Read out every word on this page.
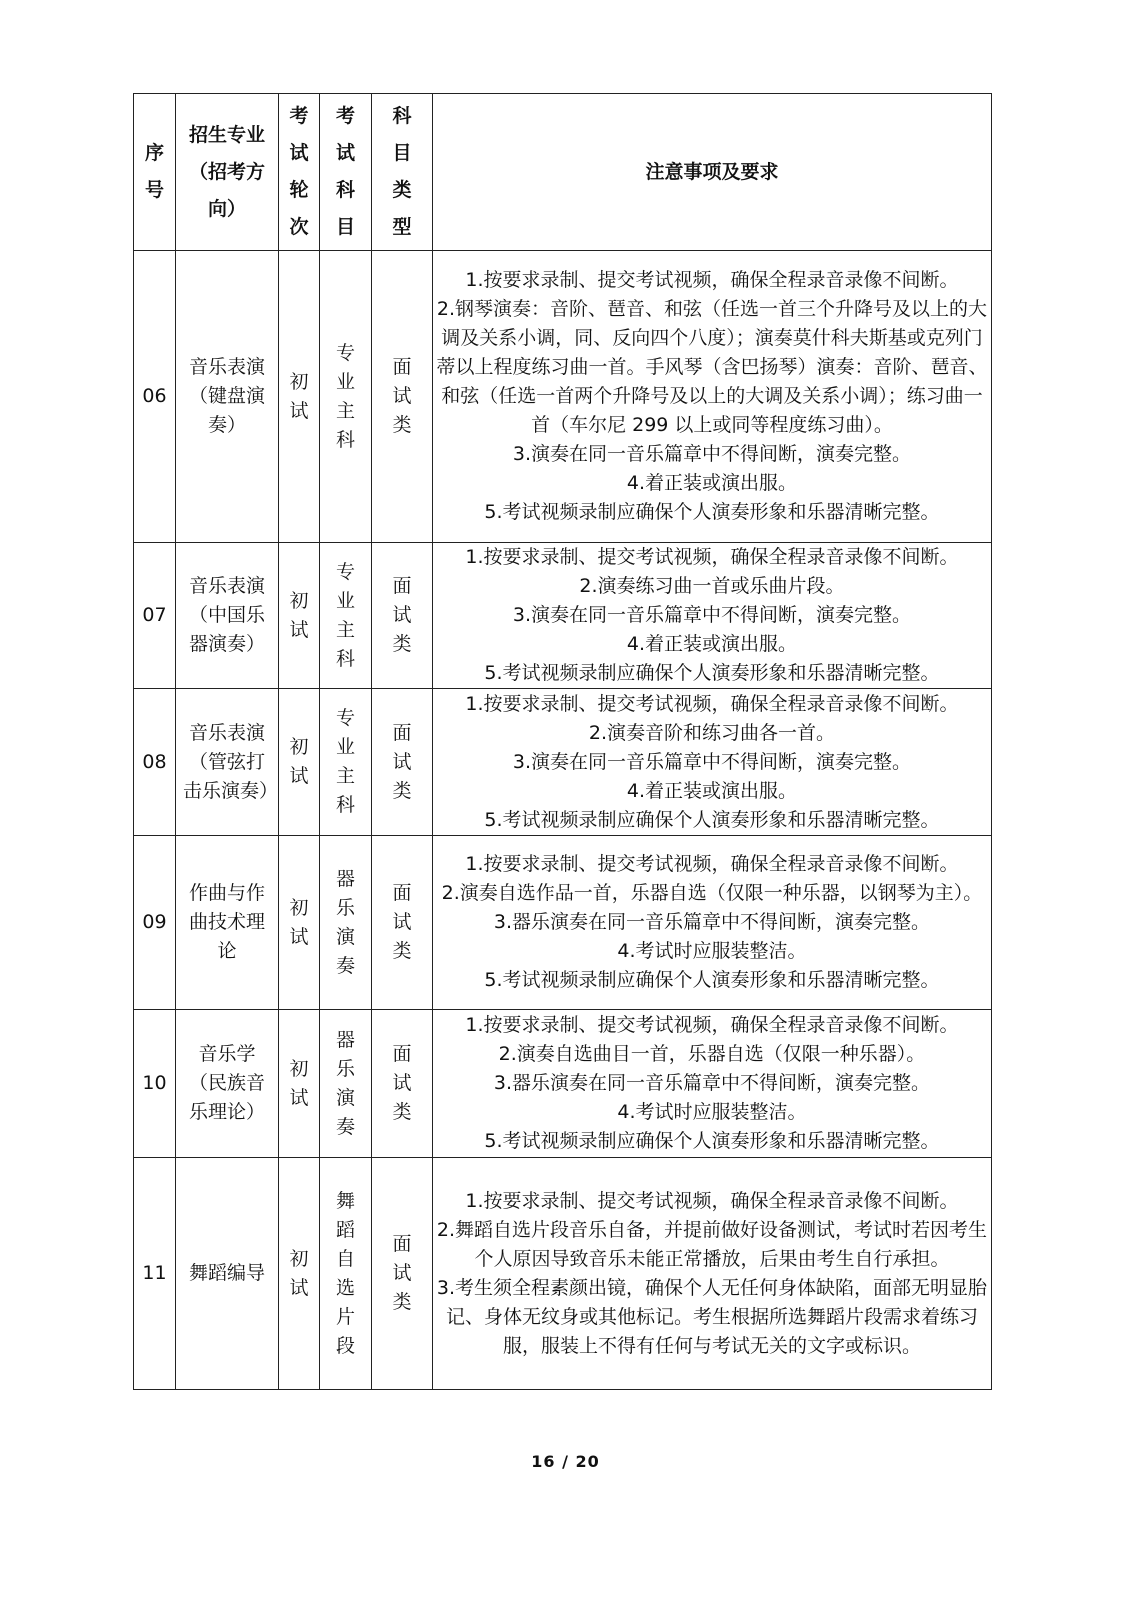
序号	招生专业（招考方向）	考试轮次	考试科目	科目类型	注意事项及要求
06	音乐表演（键盘演奏）	初试	专业主科	面试类	1.按要求录制、提交考试视频，确保全程录音录像不间断。
2.钢琴演奏：音阶、琶音、和弦（任选一首三个升降号及以上的大调及关系小调，同、反向四个八度）；演奏莫什科夫斯基或克列门蒂以上程度练习曲一首。手风琴（含巴扬琴）演奏：音阶、琶音、和弦（任选一首两个升降号及以上的大调及关系小调）；练习曲一首（车尔尼 299 以上或同等程度练习曲）。
3.演奏在同一音乐篇章中不得间断，演奏完整。
4.着正装或演出服。
5.考试视频录制应确保个人演奏形象和乐器清晰完整。

07	音乐表演（中国乐器演奏）	初试	专业主科	面试类	1.按要求录制、提交考试视频，确保全程录音录像不间断。
2.演奏练习曲一首或乐曲片段。
3.演奏在同一音乐篇章中不得间断，演奏完整。
4.着正装或演出服。
5.考试视频录制应确保个人演奏形象和乐器清晰完整。

08	音乐表演（管弦打击乐演奏）	初试	专业主科	面试类	1.按要求录制、提交考试视频，确保全程录音录像不间断。
2.演奏音阶和练习曲各一首。
3.演奏在同一音乐篇章中不得间断，演奏完整。
4.着正装或演出服。
5.考试视频录制应确保个人演奏形象和乐器清晰完整。

09	作曲与作曲技术理论	初试	器乐演奏	面试类	1.按要求录制、提交考试视频，确保全程录音录像不间断。
2.演奏自选作品一首，乐器自选（仅限一种乐器，以钢琴为主）。
3.器乐演奏在同一音乐篇章中不得间断，演奏完整。
4.考试时应服装整洁。
5.考试视频录制应确保个人演奏形象和乐器清晰完整。

10	音乐学（民族音乐理论）	初试	器乐演奏	面试类	1.按要求录制、提交考试视频，确保全程录音录像不间断。
2.演奏自选曲目一首，乐器自选（仅限一种乐器）。
3.器乐演奏在同一音乐篇章中不得间断，演奏完整。
4.考试时应服装整洁。
5.考试视频录制应确保个人演奏形象和乐器清晰完整。

11	舞蹈编导	初试	舞蹈自选片段	面试类	1.按要求录制、提交考试视频，确保全程录音录像不间断。
2.舞蹈自选片段音乐自备，并提前做好设备测试，考试时若因考生个人原因导致音乐未能正常播放，后果由考生自行承担。
3.考生须全程素颜出镜，确保个人无任何身体缺陷，面部无明显胎记、身体无纹身或其他标记。考生根据所选舞蹈片段需求着练习服，服装上不得有任何与考试无关的文字或标识。
16 / 20
